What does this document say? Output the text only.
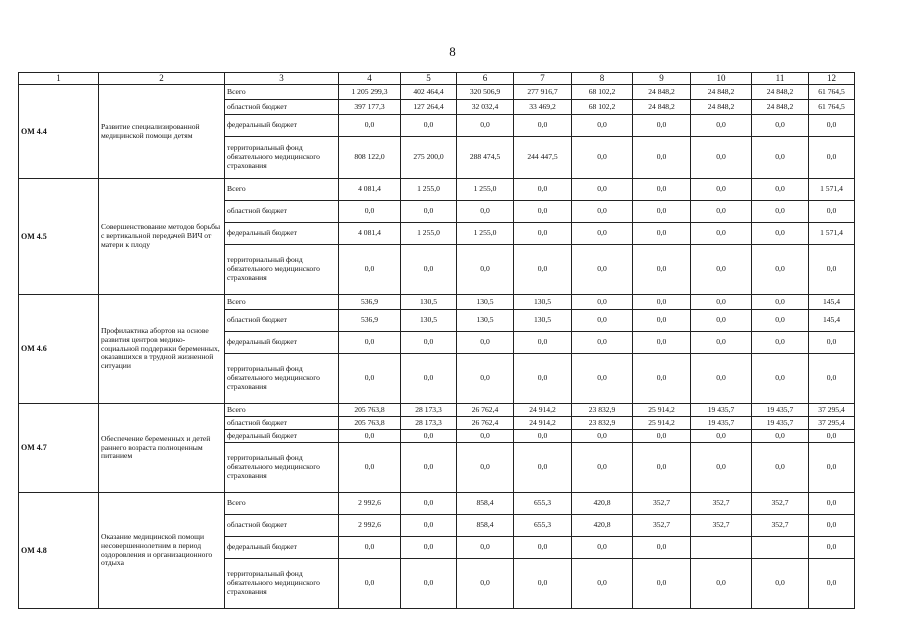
8
1	2	3	4	5	6	7	8	9	10	11	12
ОМ 4.4	Развитие специализированной медицинской помощи детям	Всего	1 205 299,3	402 464,4	320 506,9	277 916,7	68 102,2	24 848,2	24 848,2	24 848,2	61 764,5
		областной бюджет	397 177,3	127 264,4	32 032,4	33 469,2	68 102,2	24 848,2	24 848,2	24 848,2	61 764,5
		федеральный бюджет	0,0	0,0	0,0	0,0	0,0	0,0	0,0	0,0	0,0
		территориальный фонд обязательного медицинского страхования	808 122,0	275 200,0	288 474,5	244 447,5	0,0	0,0	0,0	0,0	0,0
ОМ 4.5	Совершенствование методов борьбы с вертикальной передачей ВИЧ от матери к плоду	Всего	4 081,4	1 255,0	1 255,0	0,0	0,0	0,0	0,0	0,0	1 571,4
		областной бюджет	0,0	0,0	0,0	0,0	0,0	0,0	0,0	0,0	0,0
		федеральный бюджет	4 081,4	1 255,0	1 255,0	0,0	0,0	0,0	0,0	0,0	1 571,4
		территориальный фонд обязательного медицинского страхования	0,0	0,0	0,0	0,0	0,0	0,0	0,0	0,0	0,0
ОМ 4.6	Профилактика абортов на основе развития центров медико-социальной поддержки беременных, оказавшихся в трудной жизненной ситуации	Всего	536,9	130,5	130,5	130,5	0,0	0,0	0,0	0,0	145,4
		областной бюджет	536,9	130,5	130,5	130,5	0,0	0,0	0,0	0,0	145,4
		федеральный бюджет	0,0	0,0	0,0	0,0	0,0	0,0	0,0	0,0	0,0
		территориальный фонд обязательного медицинского страхования	0,0	0,0	0,0	0,0	0,0	0,0	0,0	0,0	0,0
ОМ 4.7	Обеспечение беременных и детей раннего возраста полноценным питанием	Всего	205 763,8	28 173,3	26 762,4	24 914,2	23 832,9	25 914,2	19 435,7	19 435,7	37 295,4
		областной бюджет	205 763,8	28 173,3	26 762,4	24 914,2	23 832,9	25 914,2	19 435,7	19 435,7	37 295,4
		федеральный бюджет	0,0	0,0	0,0	0,0	0,0	0,0	0,0	0,0	0,0
		территориальный фонд обязательного медицинского страхования	0,0	0,0	0,0	0,0	0,0	0,0	0,0	0,0	0,0
ОМ 4.8	Оказание медицинской помощи несовершеннолетним в период оздоровления и организационного отдыха	Всего	2 992,6	0,0	858,4	655,3	420,8	352,7	352,7	352,7	0,0
		областной бюджет	2 992,6	0,0	858,4	655,3	420,8	352,7	352,7	352,7	0,0
		федеральный бюджет	0,0	0,0	0,0	0,0	0,0	0,0			0,0
		территориальный фонд обязательного медицинского страхования	0,0	0,0	0,0	0,0	0,0	0,0	0,0	0,0	0,0
